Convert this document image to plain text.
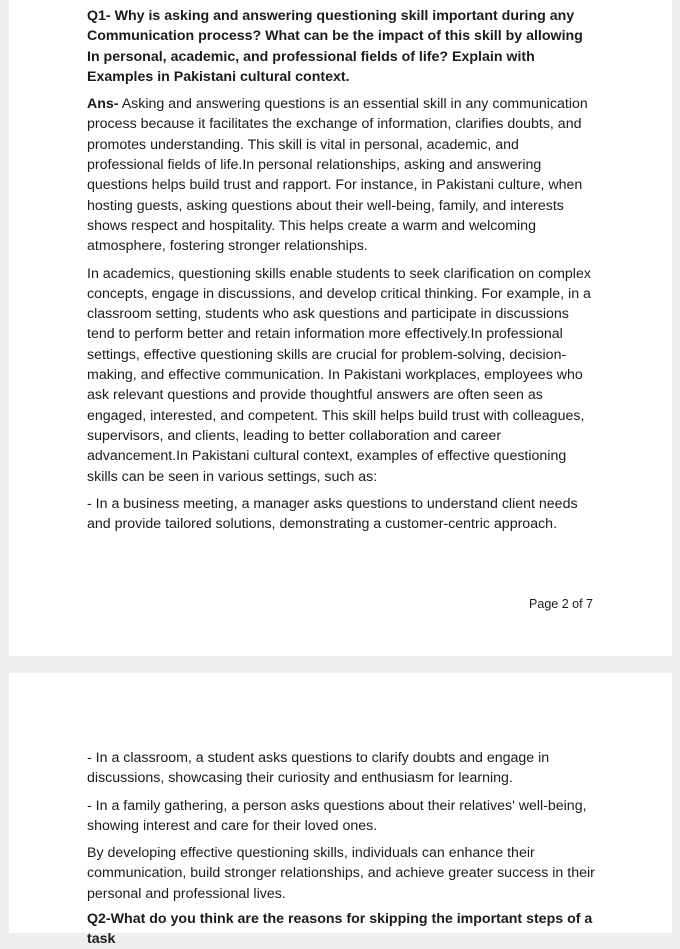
Q1- Why is asking and answering questioning skill important during any Communication process? What can be the impact of this skill by allowing In personal, academic, and professional fields of life? Explain with Examples in Pakistani cultural context.

Ans- Asking and answering questions is an essential skill in any communication process because it facilitates the exchange of information, clarifies doubts, and promotes understanding. This skill is vital in personal, academic, and professional fields of life.In personal relationships, asking and answering questions helps build trust and rapport. For instance, in Pakistani culture, when hosting guests, asking questions about their well-being, family, and interests shows respect and hospitality. This helps create a warm and welcoming atmosphere, fostering stronger relationships.

In academics, questioning skills enable students to seek clarification on complex concepts, engage in discussions, and develop critical thinking. For example, in a classroom setting, students who ask questions and participate in discussions tend to perform better and retain information more effectively.In professional settings, effective questioning skills are crucial for problem-solving, decision-making, and effective communication. In Pakistani workplaces, employees who ask relevant questions and provide thoughtful answers are often seen as engaged, interested, and competent. This skill helps build trust with colleagues, supervisors, and clients, leading to better collaboration and career advancement.In Pakistani cultural context, examples of effective questioning skills can be seen in various settings, such as:

- In a business meeting, a manager asks questions to understand client needs and provide tailored solutions, demonstrating a customer-centric approach.

Page 2 of 7

- In a classroom, a student asks questions to clarify doubts and engage in discussions, showcasing their curiosity and enthusiasm for learning.

- In a family gathering, a person asks questions about their relatives' well-being, showing interest and care for their loved ones.

By developing effective questioning skills, individuals can enhance their communication, build stronger relationships, and achieve greater success in their personal and professional lives.

Q2-What do you think are the reasons for skipping the important steps of a task
